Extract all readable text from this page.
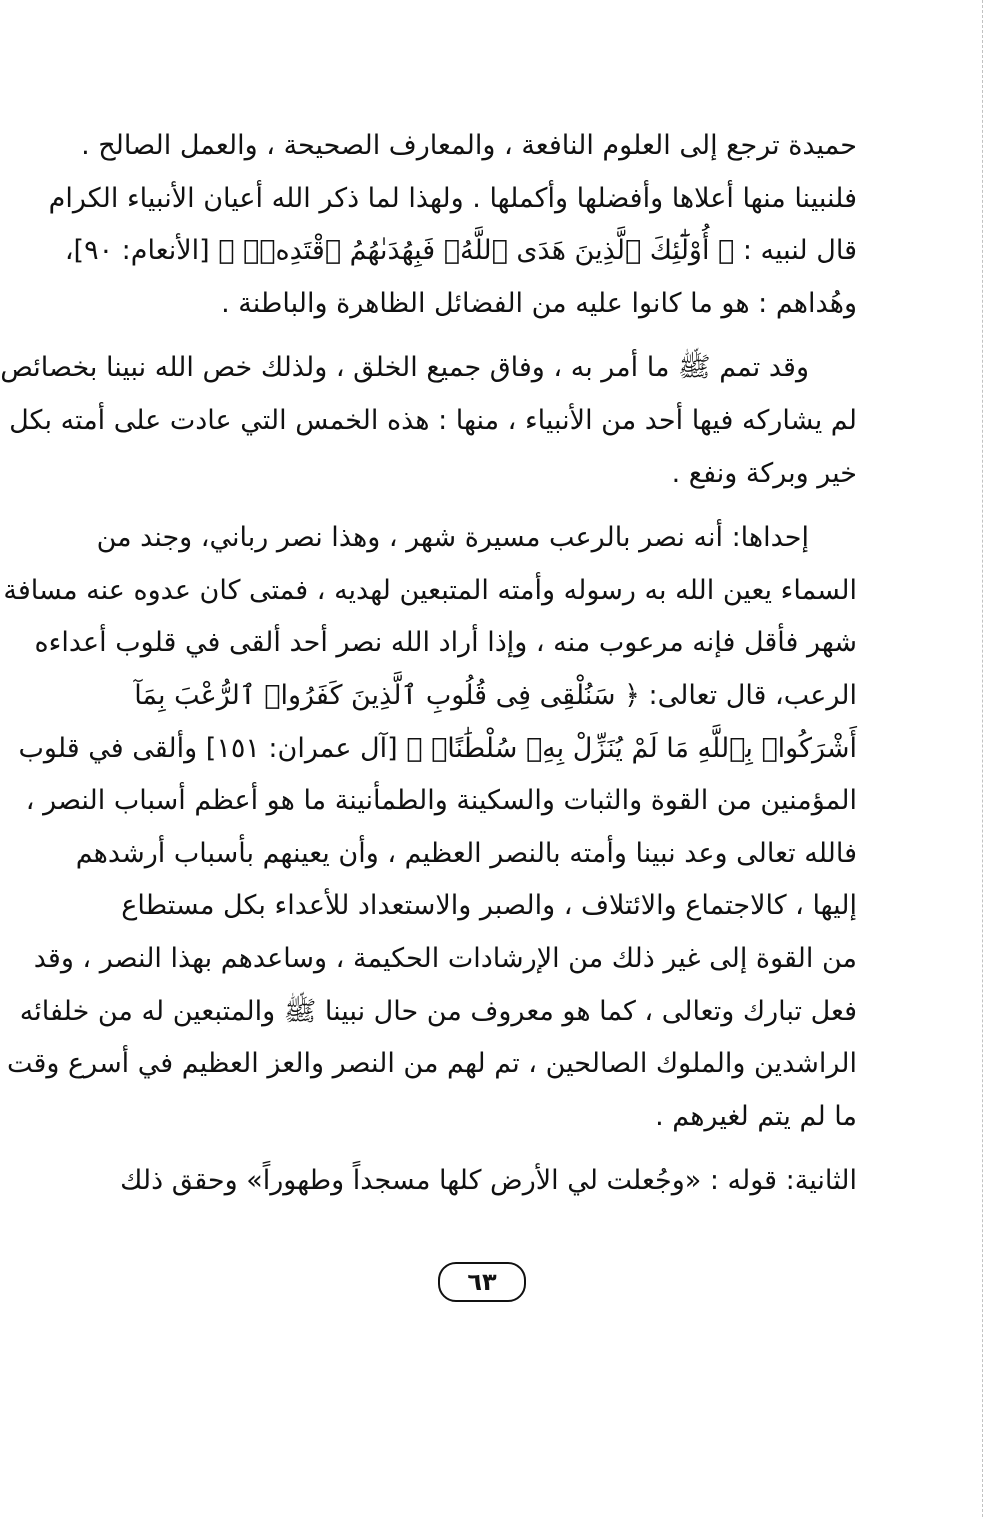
حميدة ترجع إلى العلوم النافعة ، والمعارف الصحيحة ، والعمل الصالح .
فلنبينا منها أعلاها وأفضلها وأكملها . ولهذا لما ذكر الله أعيان الأنبياء الكرام
قال لنبيه : ﴿ أُوْلَٰٓئِكَ ٱلَّذِينَ هَدَى ٱللَّهُۖ فَبِهُدَىٰهُمُ ٱقْتَدِهۡۗ ﴾ [الأنعام: ٩٠]،
وهُداهم : هو ما كانوا عليه من الفضائل الظاهرة والباطنة .

وقد تمم ﷺ ما أمر به ، وفاق جميع الخلق ، ولذلك خص الله نبينا بخصائص
لم يشاركه فيها أحد من الأنبياء ، منها : هذه الخمس التي عادت على أمته بكل
خير وبركة ونفع .

إحداها: أنه نصر بالرعب مسيرة شهر ، وهذا نصر رباني، وجند من
السماء يعين الله به رسوله وأمته المتبعين لهديه ، فمتى كان عدوه عنه مسافة
شهر فأقل فإنه مرعوب منه ، وإذا أراد الله نصر أحد ألقى في قلوب أعداءه
الرعب، قال تعالى: ﴿ سَنُلْقِى فِى قُلُوبِ ٱلَّذِينَ كَفَرُوا۟ ٱلرُّعْبَ بِمَآ
أَشْرَكُوا۟ بِٱللَّهِ مَا لَمْ يُنَزِّلْ بِهِۦ سُلْطَٰنًاۖ ﴾ [آل عمران: ١٥١] وألقى في قلوب
المؤمنين من القوة والثبات والسكينة والطمأنينة ما هو أعظم أسباب النصر ،
فالله تعالى وعد نبينا وأمته بالنصر العظيم ، وأن يعينهم بأسباب أرشدهم
إليها ، كالاجتماع والائتلاف ، والصبر والاستعداد للأعداء بكل مستطاع
من القوة إلى غير ذلك من الإرشادات الحكيمة ، وساعدهم بهذا النصر ، وقد
فعل تبارك وتعالى ، كما هو معروف من حال نبينا ﷺ والمتبعين له من خلفائه
الراشدين والملوك الصالحين ، تم لهم من النصر والعز العظيم في أسرع وقت
ما لم يتم لغيرهم .

الثانية: قوله : «وجُعلت لي الأرض كلها مسجداً وطهوراً» وحقق ذلك

٦٣
